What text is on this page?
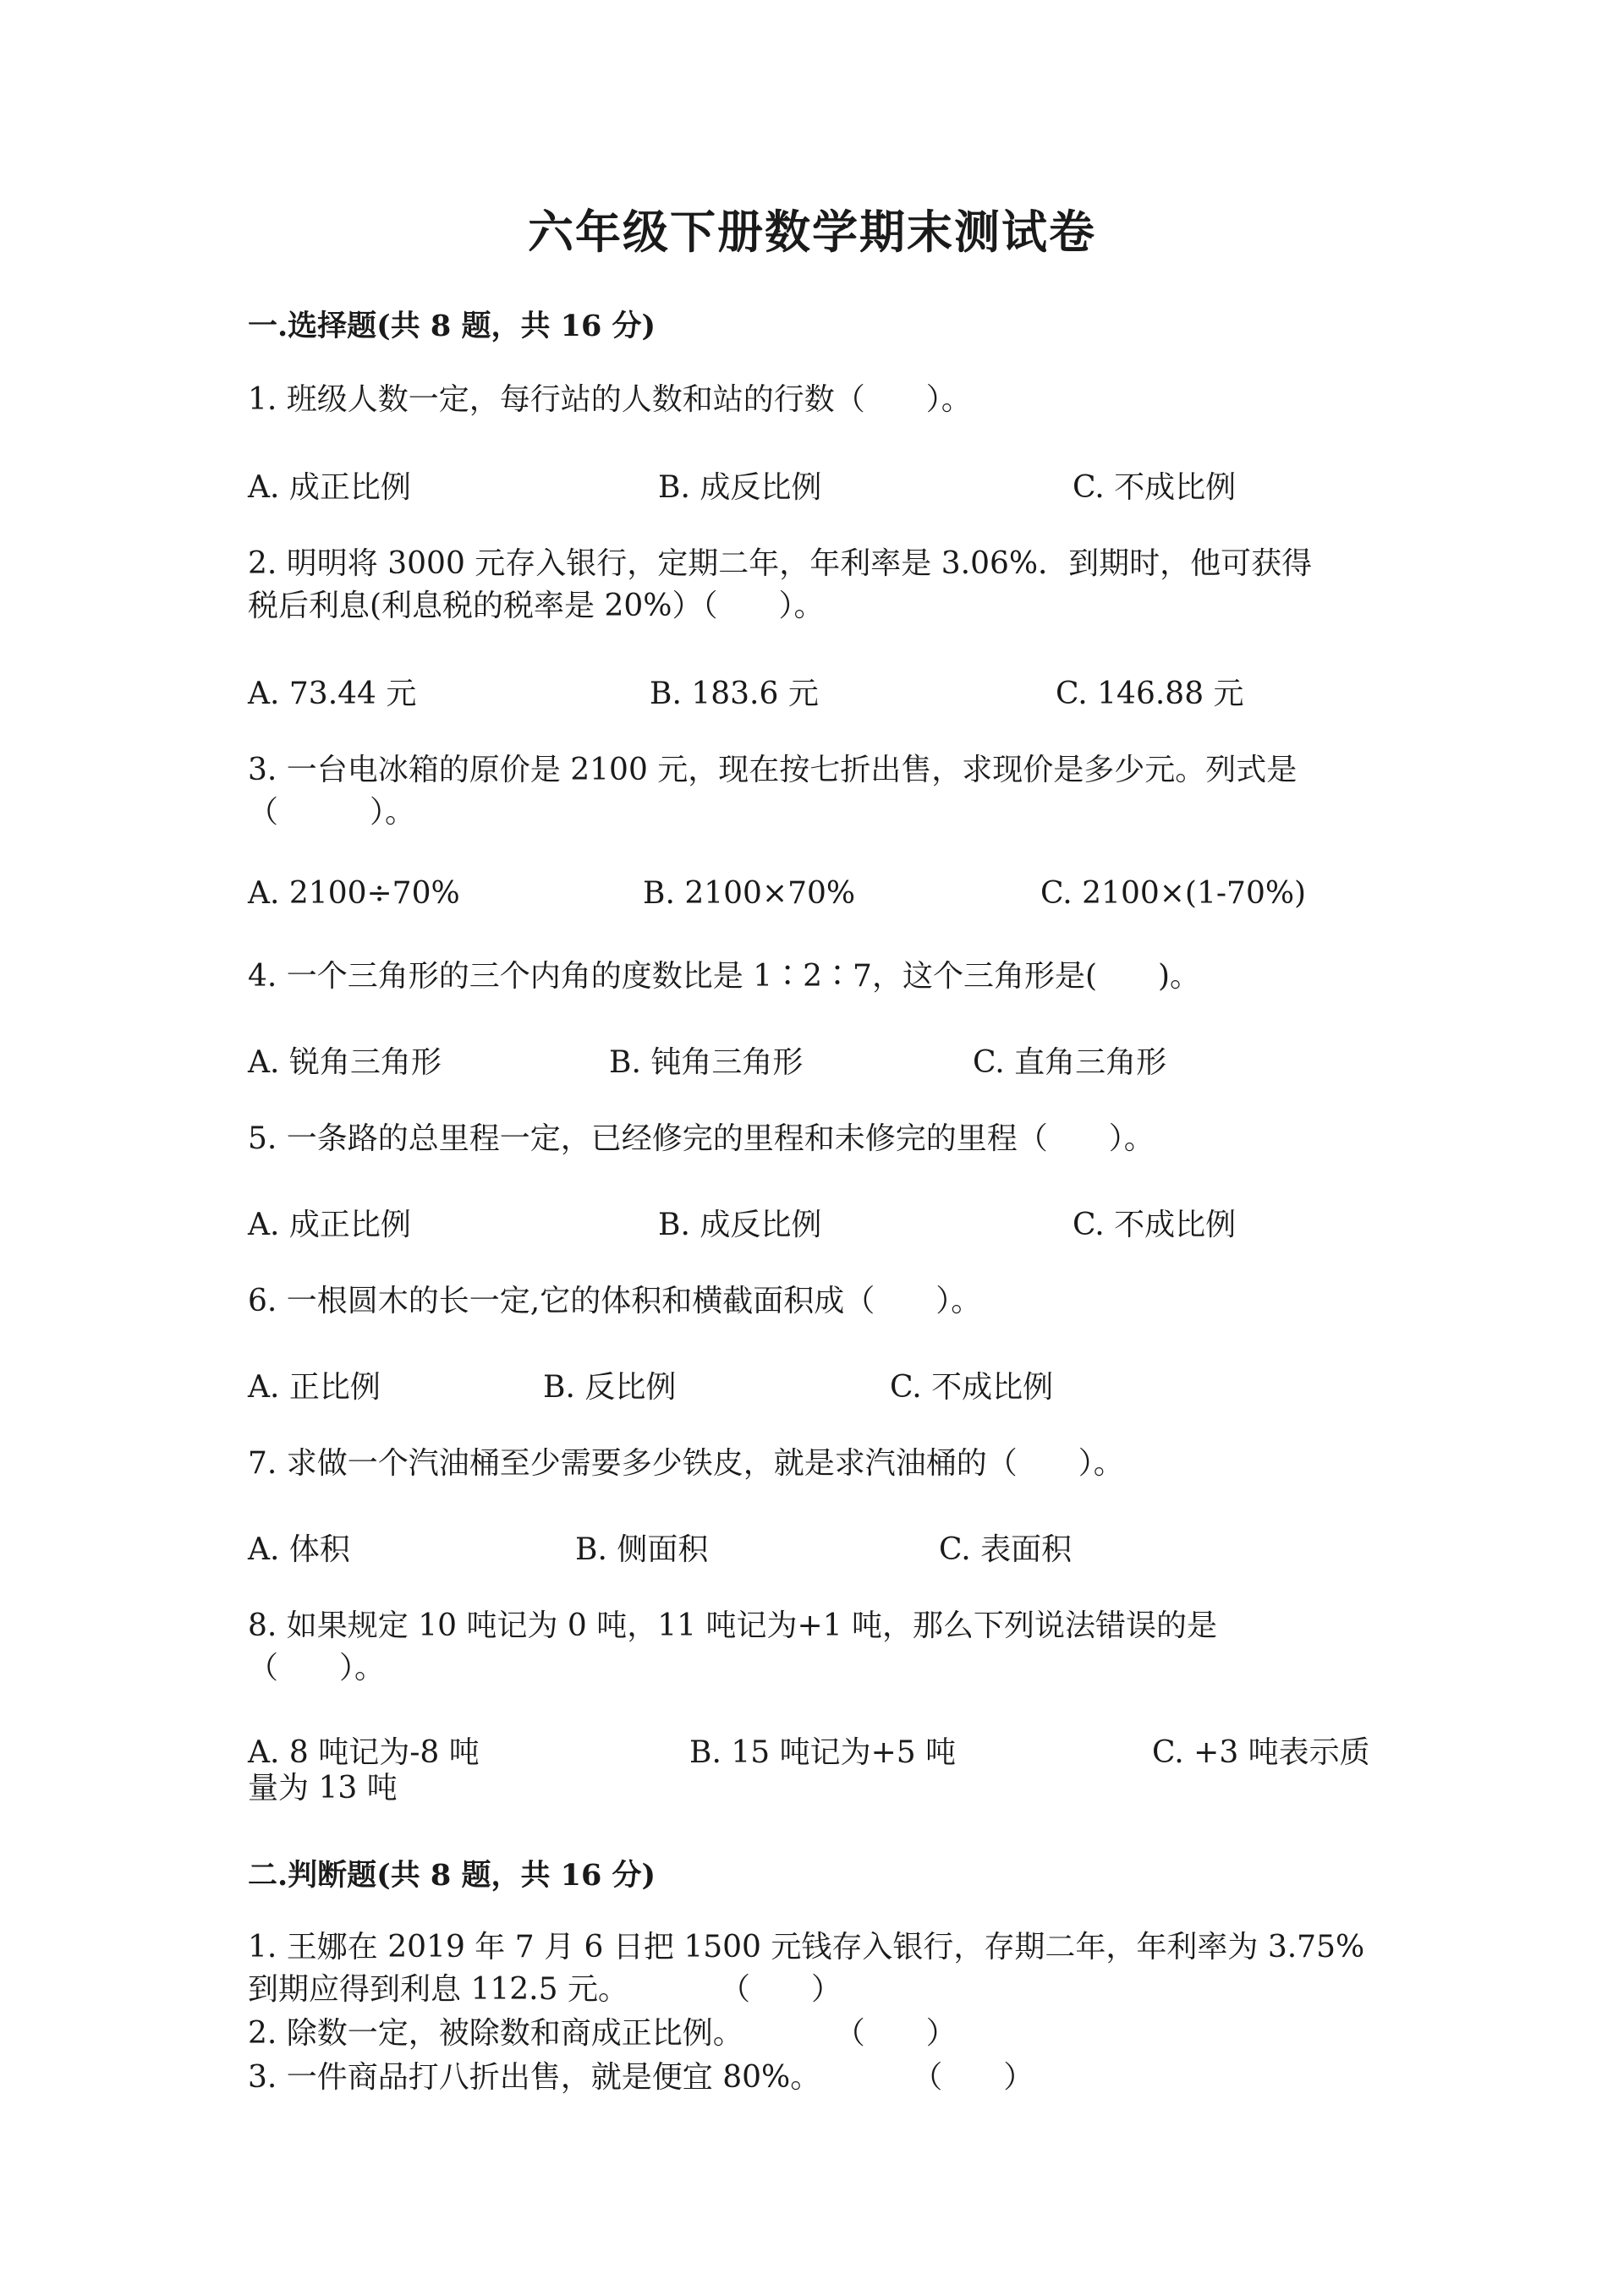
六年级下册数学期末测试卷

一.选择题(共 8 题，共 16 分)

1. 班级人数一定，每行站的人数和站的行数（　　）。

A. 成正比例	B. 成反比例	C. 不成比例

2. 明明将 3000 元存入银行，定期二年，年利率是 3.06%．到期时，他可获得

税后利息(利息税的税率是 20%）（　　）。

A. 73.44 元	B. 183.6 元	C. 146.88 元

3. 一台电冰箱的原价是 2100 元，现在按七折出售，求现价是多少元。列式是

（　　　）。

A. 2100÷70%	B. 2100×70%	C. 2100×(1-70%)

4. 一个三角形的三个内角的度数比是 1∶2∶7，这个三角形是(　　)。

A. 锐角三角形	B. 钝角三角形	C. 直角三角形

5. 一条路的总里程一定，已经修完的里程和未修完的里程（　　）。

A. 成正比例	B. 成反比例	C. 不成比例

6. 一根圆木的长一定,它的体积和横截面积成（　　）。

A. 正比例	B. 反比例	C. 不成比例

7. 求做一个汽油桶至少需要多少铁皮，就是求汽油桶的（　　）。

A. 体积	B. 侧面积	C. 表面积

8. 如果规定 10 吨记为 0 吨，11 吨记为+1 吨，那么下列说法错误的是

（　　）。

A. 8 吨记为-8 吨	B. 15 吨记为+5 吨	C. +3 吨表示质

量为 13 吨

二.判断题(共 8 题，共 16 分)

1. 王娜在 2019 年 7 月 6 日把 1500 元钱存入银行，存期二年，年利率为 3.75%

到期应得到利息 112.5 元。　　　　（　　）

2. 除数一定，被除数和商成正比例。　　　　（　　）

3. 一件商品打八折出售，就是便宜 80%。　　　　（　　）
